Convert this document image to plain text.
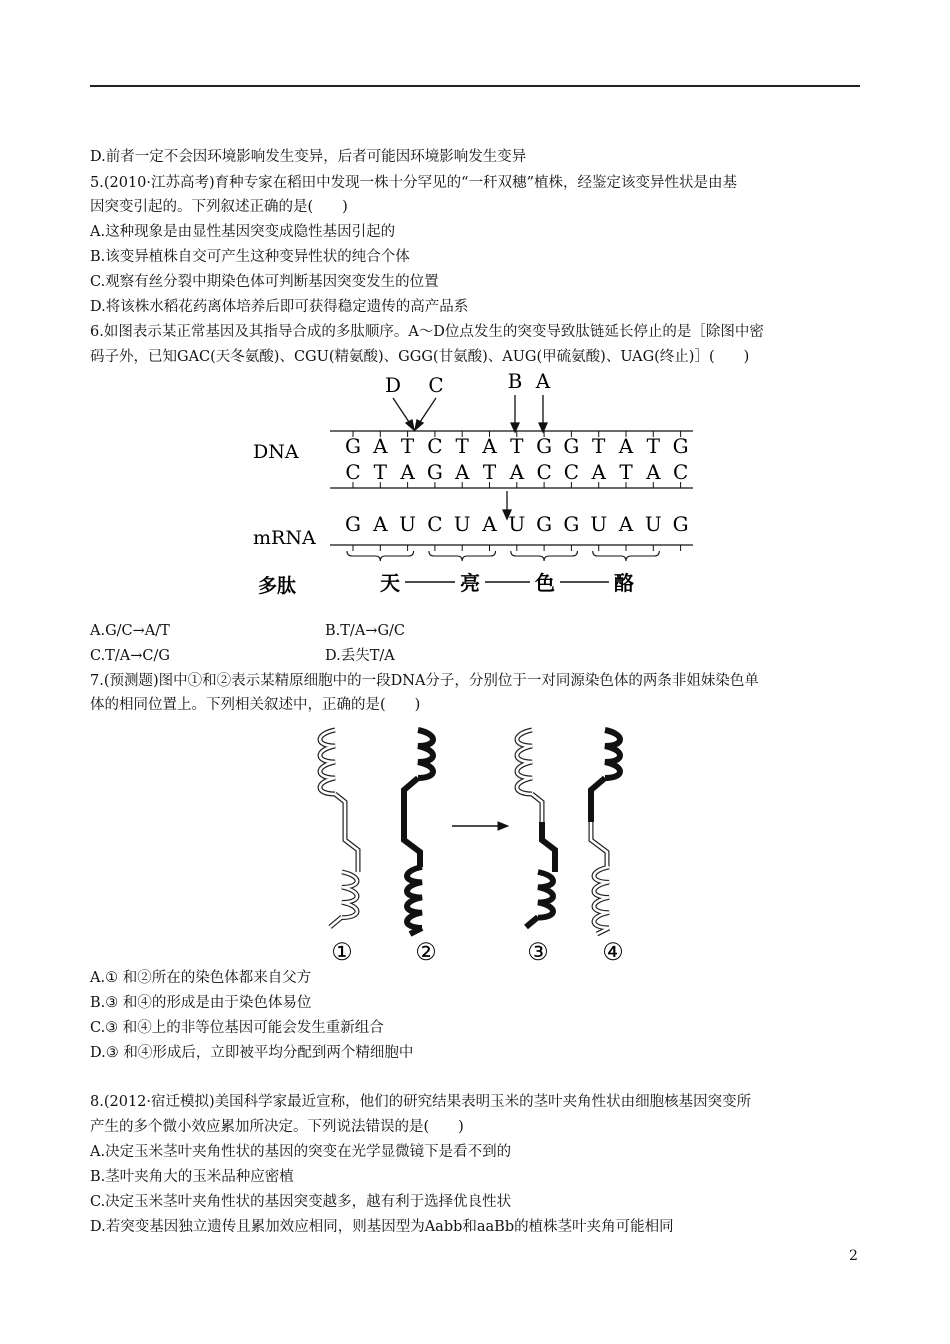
D.前者一定不会因环境影响发生变异，后者可能因环境影响发生变异
5.(2010·江苏高考)育种专家在稻田中发现一株十分罕见的“一秆双穗”植株，经鉴定该变异性状是由基
因突变引起的。下列叙述正确的是(　　)
A.这种现象是由显性基因突变成隐性基因引起的
B.该变异植株自交可产生这种变异性状的纯合个体
C.观察有丝分裂中期染色体可判断基因突变发生的位置
D.将该株水稻花药离体培养后即可获得稳定遗传的高产品系
6.如图表示某正常基因及其指导合成的多肽顺序。A～D位点发生的突变导致肽链延长停止的是［除图中密
码子外，已知GAC(天冬氨酸)、CGU(精氨酸)、GGG(甘氨酸)、AUG(甲硫氨酸)、UAG(终止)］(　　)
D C	B A
DNA
mRNA
多肽
G A T C T A T G G T A T G
C T A G A T A C C A T A C
G A U C U A U G G U A U G
天	亮	色	酪
A.G/C→A/T	B.T/A→G/C
C.T/A→C/G	D.丢失T/A
7.(预测题)图中①和②表示某精原细胞中的一段DNA分子，分别位于一对同源染色体的两条非姐妹染色单
体的相同位置上。下列相关叙述中，正确的是(　　)
①	②	③ ④
A.① 和②所在的染色体都来自父方
B.③ 和④的形成是由于染色体易位
C.③ 和④上的非等位基因可能会发生重新组合
D.③ 和④形成后，立即被平均分配到两个精细胞中
8.(2012·宿迁模拟)美国科学家最近宣称，他们的研究结果表明玉米的茎叶夹角性状由细胞核基因突变所
产生的多个微小效应累加所决定。下列说法错误的是(　　)
A.决定玉米茎叶夹角性状的基因的突变在光学显微镜下是看不到的
B.茎叶夹角大的玉米品种应密植
C.决定玉米茎叶夹角性状的基因突变越多，越有利于选择优良性状
D.若突变基因独立遗传且累加效应相同，则基因型为Aabb和aaBb的植株茎叶夹角可能相同
2
